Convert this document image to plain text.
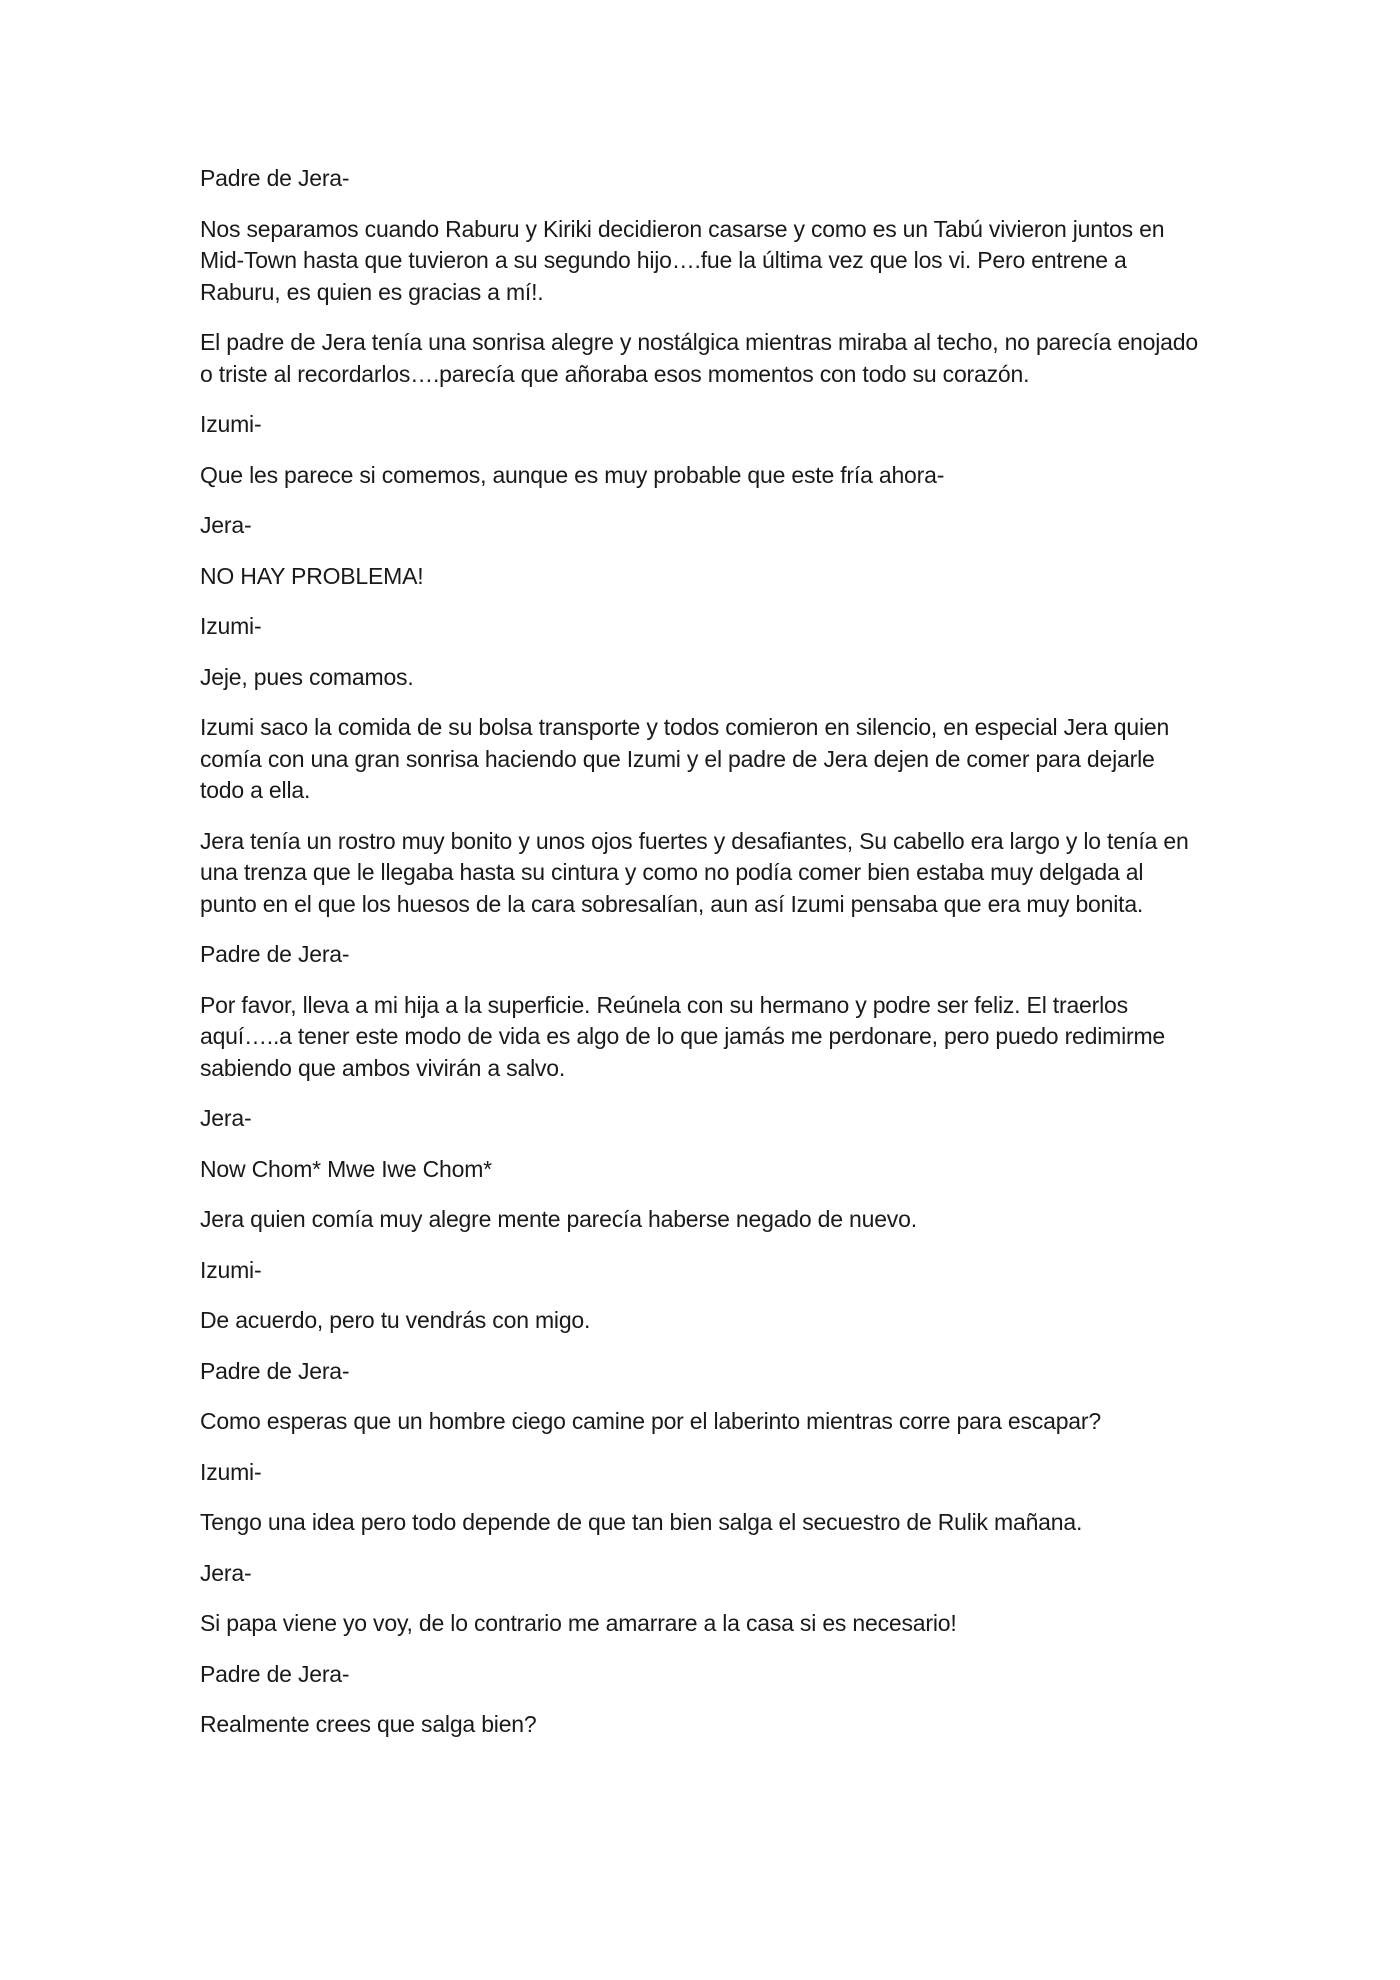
Padre de Jera-

Nos separamos cuando Raburu y Kiriki decidieron casarse y como es un Tabú vivieron juntos en Mid-Town hasta que tuvieron a su segundo hijo….fue la última vez que los vi. Pero entrene a Raburu, es quien es gracias a mí!.

El padre de Jera tenía una sonrisa alegre y nostálgica mientras miraba al techo, no parecía enojado o triste al recordarlos….parecía que añoraba esos momentos con todo su corazón.

Izumi-

Que les parece si comemos, aunque es muy probable que este fría ahora-

Jera-

NO HAY PROBLEMA!

Izumi-

Jeje, pues comamos.

Izumi saco la comida de su bolsa transporte y todos comieron en silencio, en especial Jera quien comía con una gran sonrisa haciendo que Izumi y el padre de Jera dejen de comer para dejarle todo a ella.

Jera tenía un rostro muy bonito y unos ojos fuertes y desafiantes, Su cabello era largo y lo tenía en una trenza que le llegaba hasta su cintura y como no podía comer bien estaba muy delgada al punto en el que los huesos de la cara sobresalían, aun así Izumi pensaba que era muy bonita.

Padre de Jera-

Por favor, lleva a mi hija a la superficie. Reúnela con su hermano y podre ser feliz. El traerlos aquí…..a tener este modo de vida es algo de lo que jamás me perdonare, pero puedo redimirme sabiendo que ambos vivirán a salvo.

Jera-

Now Chom* Mwe Iwe Chom*

Jera quien comía muy alegre mente parecía haberse negado de nuevo.

Izumi-

De acuerdo, pero tu vendrás con migo.

Padre de Jera-

Como esperas que un hombre ciego camine por el laberinto mientras corre para escapar?

Izumi-

Tengo una idea pero todo depende de que tan bien salga el secuestro de Rulik mañana.

Jera-

Si papa viene yo voy, de lo contrario me amarrare a la casa si es necesario!

Padre de Jera-

Realmente crees que salga bien?
